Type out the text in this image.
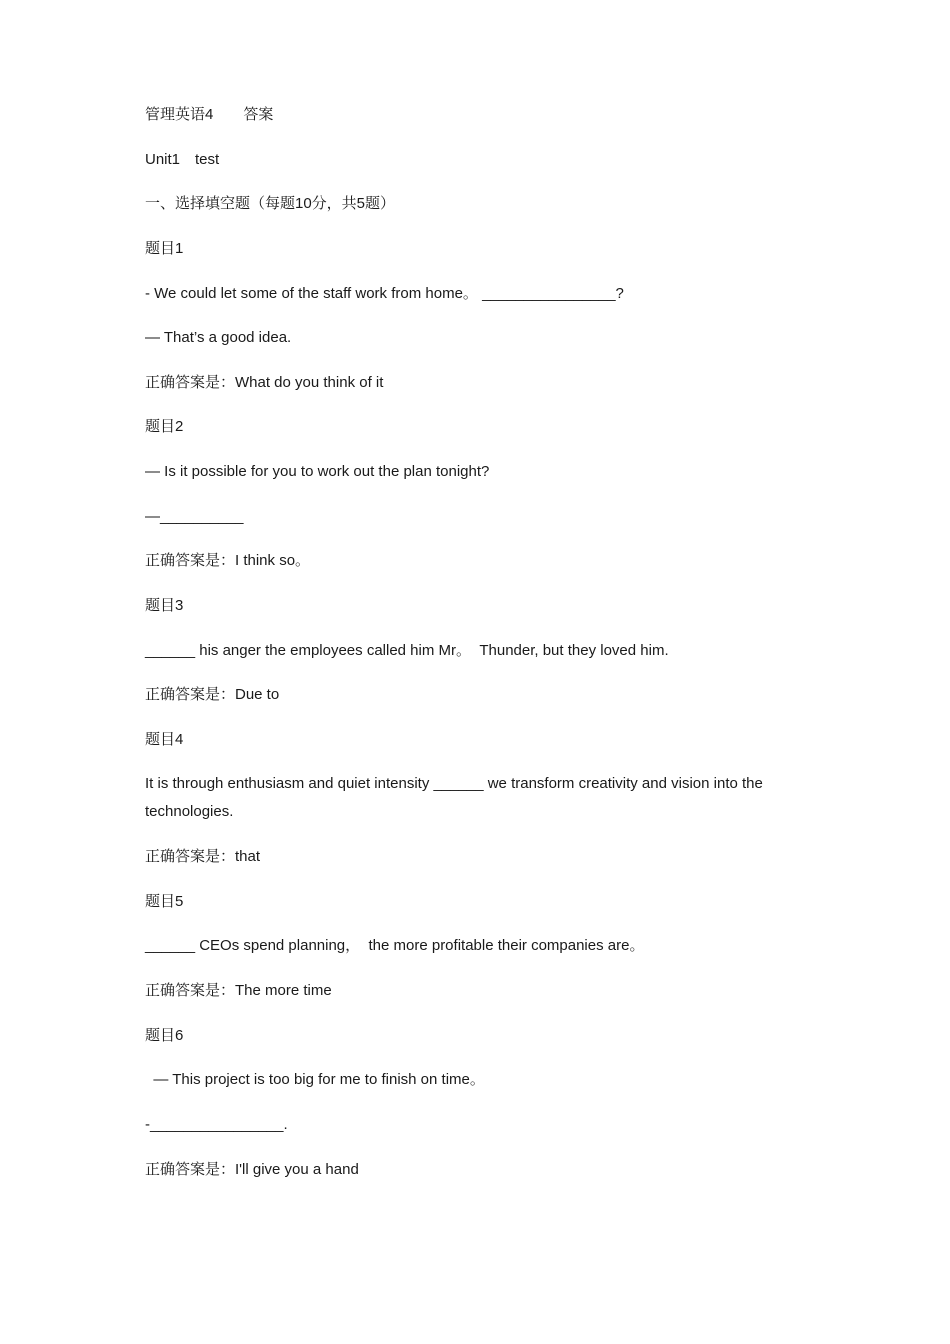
管理英语4　　答案
Unit1　test
一、选择填空题（每题10分，共5题）
题目1
- We could let some of the staff work from home。 ________________?
— That’s a good idea.
正确答案是：What do you think of it
题目2
— Is it possible for you to work out the plan tonight?
—__________
正确答案是：I think so。
题目3
______ his anger the employees called him Mr。  Thunder, but they loved him.
正确答案是：Due to
题目4
It is through enthusiasm and quiet intensity ______ we transform creativity and vision into the technologies.
正确答案是：that
题目5
______ CEOs spend planning，  the more profitable their companies are。
正确答案是：The more time
题目6
— This project is too big for me to finish on time。
-________________.
正确答案是：I'll give you a hand
